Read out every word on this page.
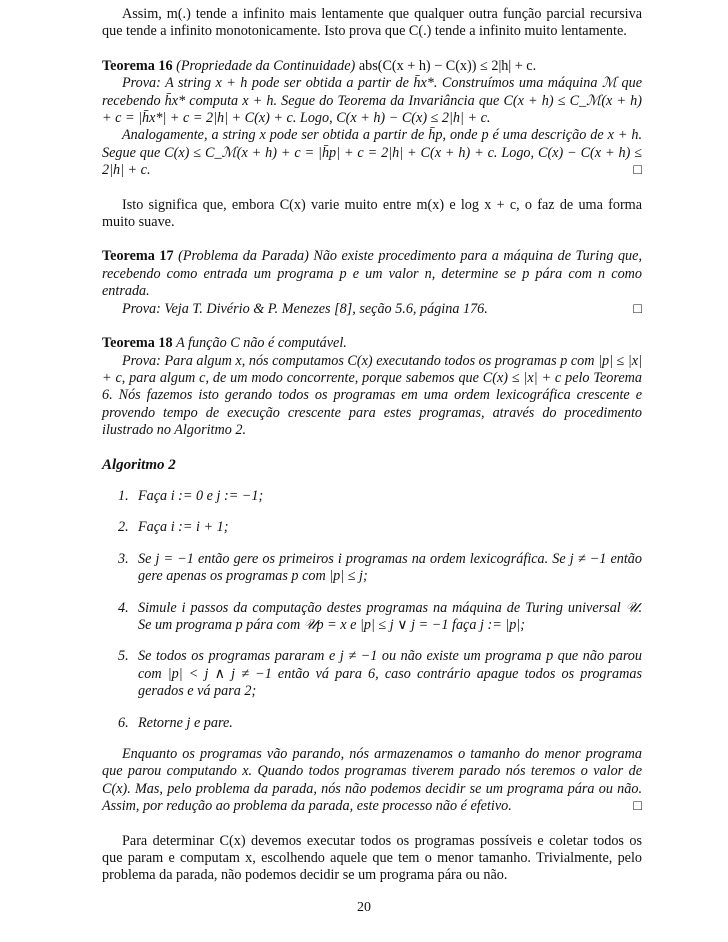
Assim, m(.) tende a infinito mais lentamente que qualquer outra função parcial recursiva que tende a infinito monotonicamente. Isto prova que C(.) tende a infinito muito lentamente.

Teorema 16 (Propriedade da Continuidade) abs(C(x + h) − C(x)) ≤ 2|h| + c.

Prova: A string x + h pode ser obtida a partir de h̄x*. Construímos uma máquina ℳ que recebendo h̄x* computa x + h. Segue do Teorema da Invariância que C(x + h) ≤ C_ℳ(x + h) + c = |h̄x*| + c = 2|h| + C(x) + c. Logo, C(x + h) − C(x) ≤ 2|h| + c.

Analogamente, a string x pode ser obtida a partir de h̄p, onde p é uma descrição de x + h. Segue que C(x) ≤ C_ℳ(x + h) + c = |h̄p| + c = 2|h| + C(x + h) + c. Logo, C(x) − C(x + h) ≤ 2|h| + c.	□

Isto significa que, embora C(x) varie muito entre m(x) e log x + c, o faz de uma forma muito suave.

Teorema 17 (Problema da Parada) Não existe procedimento para a máquina de Turing que, recebendo como entrada um programa p e um valor n, determine se p pára com n como entrada.

Prova: Veja T. Divério & P. Menezes [8], seção 5.6, página 176.	□

Teorema 18 A função C não é computável.

Prova: Para algum x, nós computamos C(x) executando todos os programas p com |p| ≤ |x| + c, para algum c, de um modo concorrente, porque sabemos que C(x) ≤ |x| + c pelo Teorema 6. Nós fazemos isto gerando todos os programas em uma ordem lexicográfica crescente e provendo tempo de execução crescente para estes programas, através do procedimento ilustrado no Algoritmo 2.

Algoritmo 2
1. Faça i := 0 e j := −1;
2. Faça i := i + 1;
3. Se j = −1 então gere os primeiros i programas na ordem lexicográfica. Se j ≠ −1 então gere apenas os programas p com |p| ≤ j;
4. Simule i passos da computação destes programas na máquina de Turing universal 𝒰. Se um programa p pára com 𝒰p = x e |p| ≤ j ∨ j = −1 faça j := |p|;
5. Se todos os programas pararam e j ≠ −1 ou não existe um programa p que não parou com |p| < j ∧ j ≠ −1 então vá para 6, caso contrário apague todos os programas gerados e vá para 2;
6. Retorne j e pare.

Enquanto os programas vão parando, nós armazenamos o tamanho do menor programa que parou computando x. Quando todos programas tiverem parado nós teremos o valor de C(x). Mas, pelo problema da parada, nós não podemos decidir se um programa pára ou não. Assim, por redução ao problema da parada, este processo não é efetivo.	□

Para determinar C(x) devemos executar todos os programas possíveis e coletar todos os que param e computam x, escolhendo aquele que tem o menor tamanho. Trivialmente, pelo problema da parada, não podemos decidir se um programa pára ou não.

20
